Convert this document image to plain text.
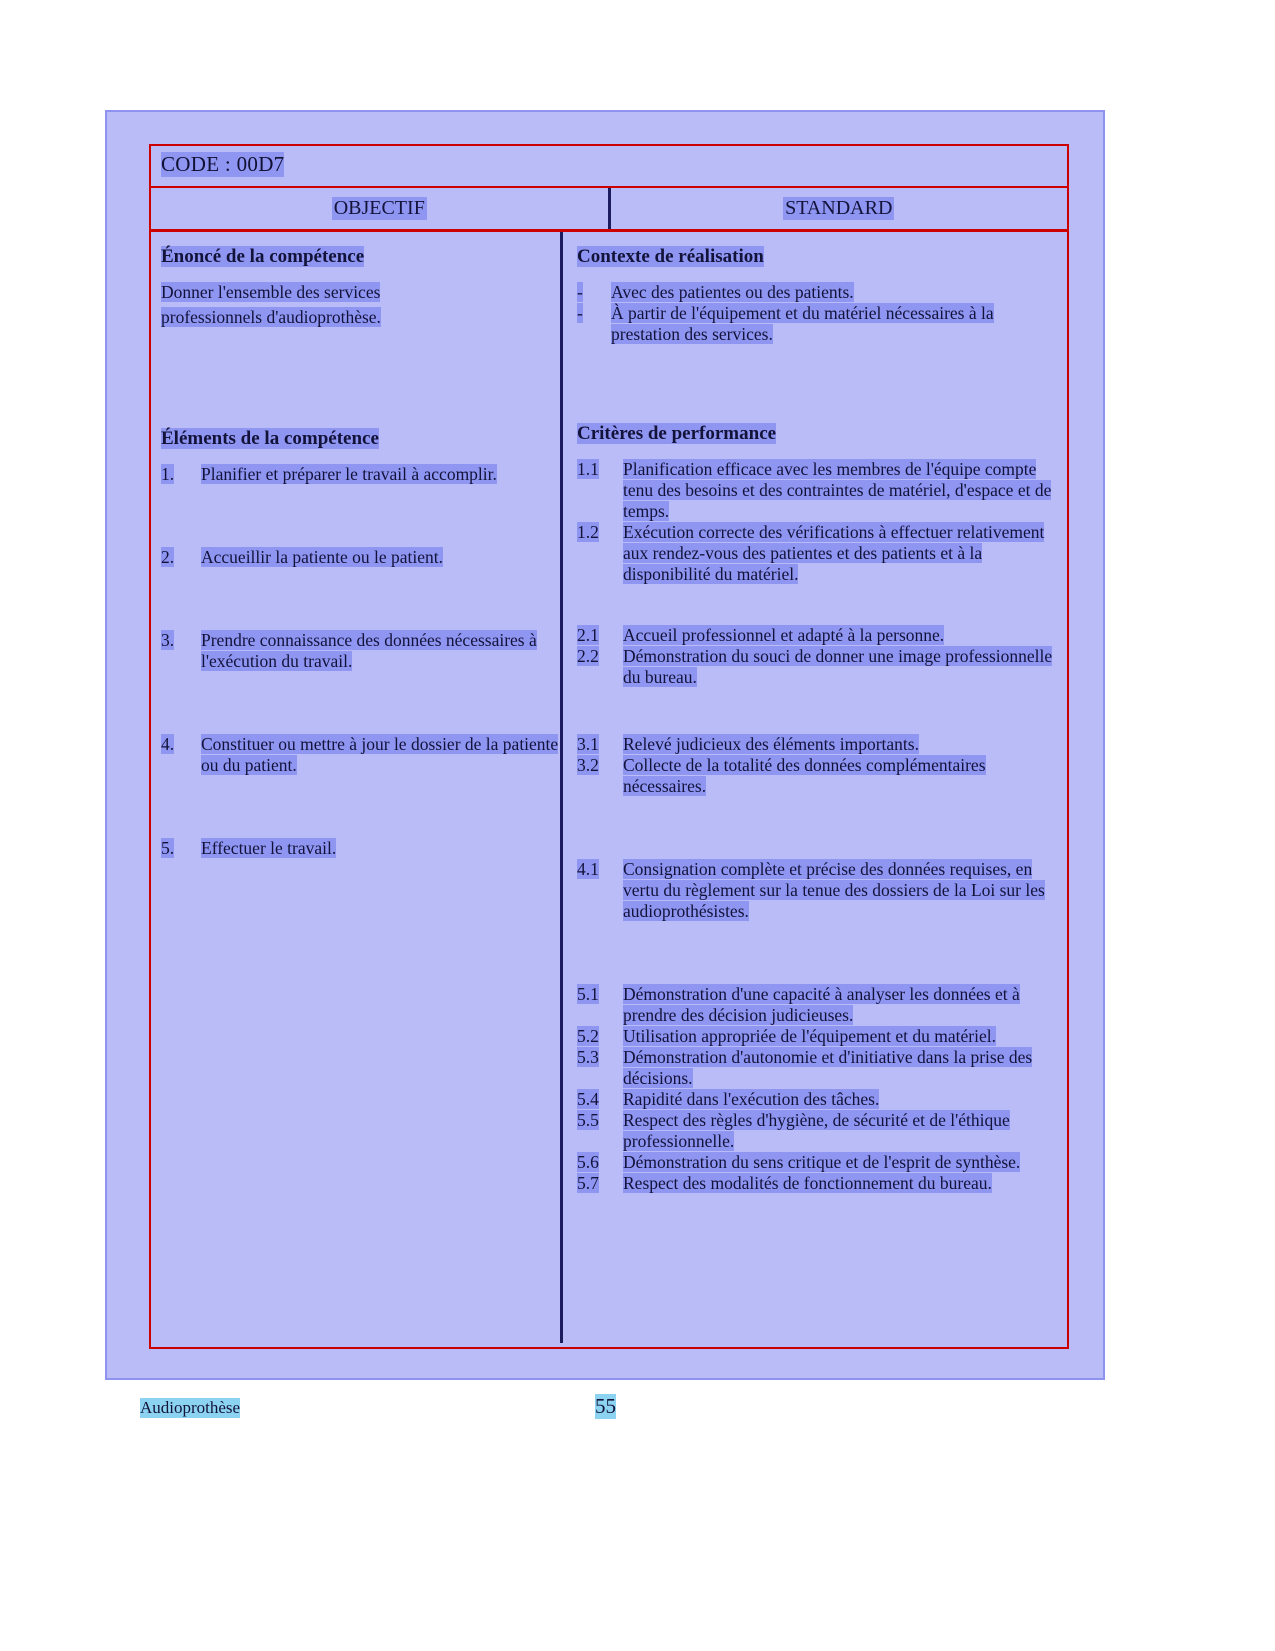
CODE : 00D7
OBJECTIF	STANDARD
Énoncé de la compétence
Donner l'ensemble des services
professionnels d'audioprothèse.
Éléments de la compétence
1.	Planifier et préparer le travail à accomplir.
2.	Accueillir la patiente ou le patient.
3.	Prendre connaissance des données nécessaires à l'exécution du travail.
4.	Constituer ou mettre à jour le dossier de la patiente ou du patient.
5.	Effectuer le travail.
Contexte de réalisation
-	Avec des patientes ou des patients.
-	À partir de l'équipement et du matériel nécessaires à la prestation des services.
Critères de performance
1.1	Planification efficace avec les membres de l'équipe compte tenu des besoins et des contraintes de matériel, d'espace et de temps.
1.2	Exécution correcte des vérifications à effectuer relativement aux rendez-vous des patientes et des patients et à la disponibilité du matériel.
2.1	Accueil professionnel et adapté à la personne.
2.2	Démonstration du souci de donner une image professionnelle du bureau.
3.1	Relevé judicieux des éléments importants.
3.2	Collecte de la totalité des données complémentaires nécessaires.
4.1	Consignation complète et précise des données requises, en vertu du règlement sur la tenue des dossiers de la Loi sur les audioprothésistes.
5.1	Démonstration d'une capacité à analyser les données et à prendre des décision judicieuses.
5.2	Utilisation appropriée de l'équipement et du matériel.
5.3	Démonstration d'autonomie et d'initiative dans la prise des décisions.
5.4	Rapidité dans l'exécution des tâches.
5.5	Respect des règles d'hygiène, de sécurité et de l'éthique professionnelle.
5.6	Démonstration du sens critique et de l'esprit de synthèse.
5.7	Respect des modalités de fonctionnement du bureau.
Audioprothèse	55
